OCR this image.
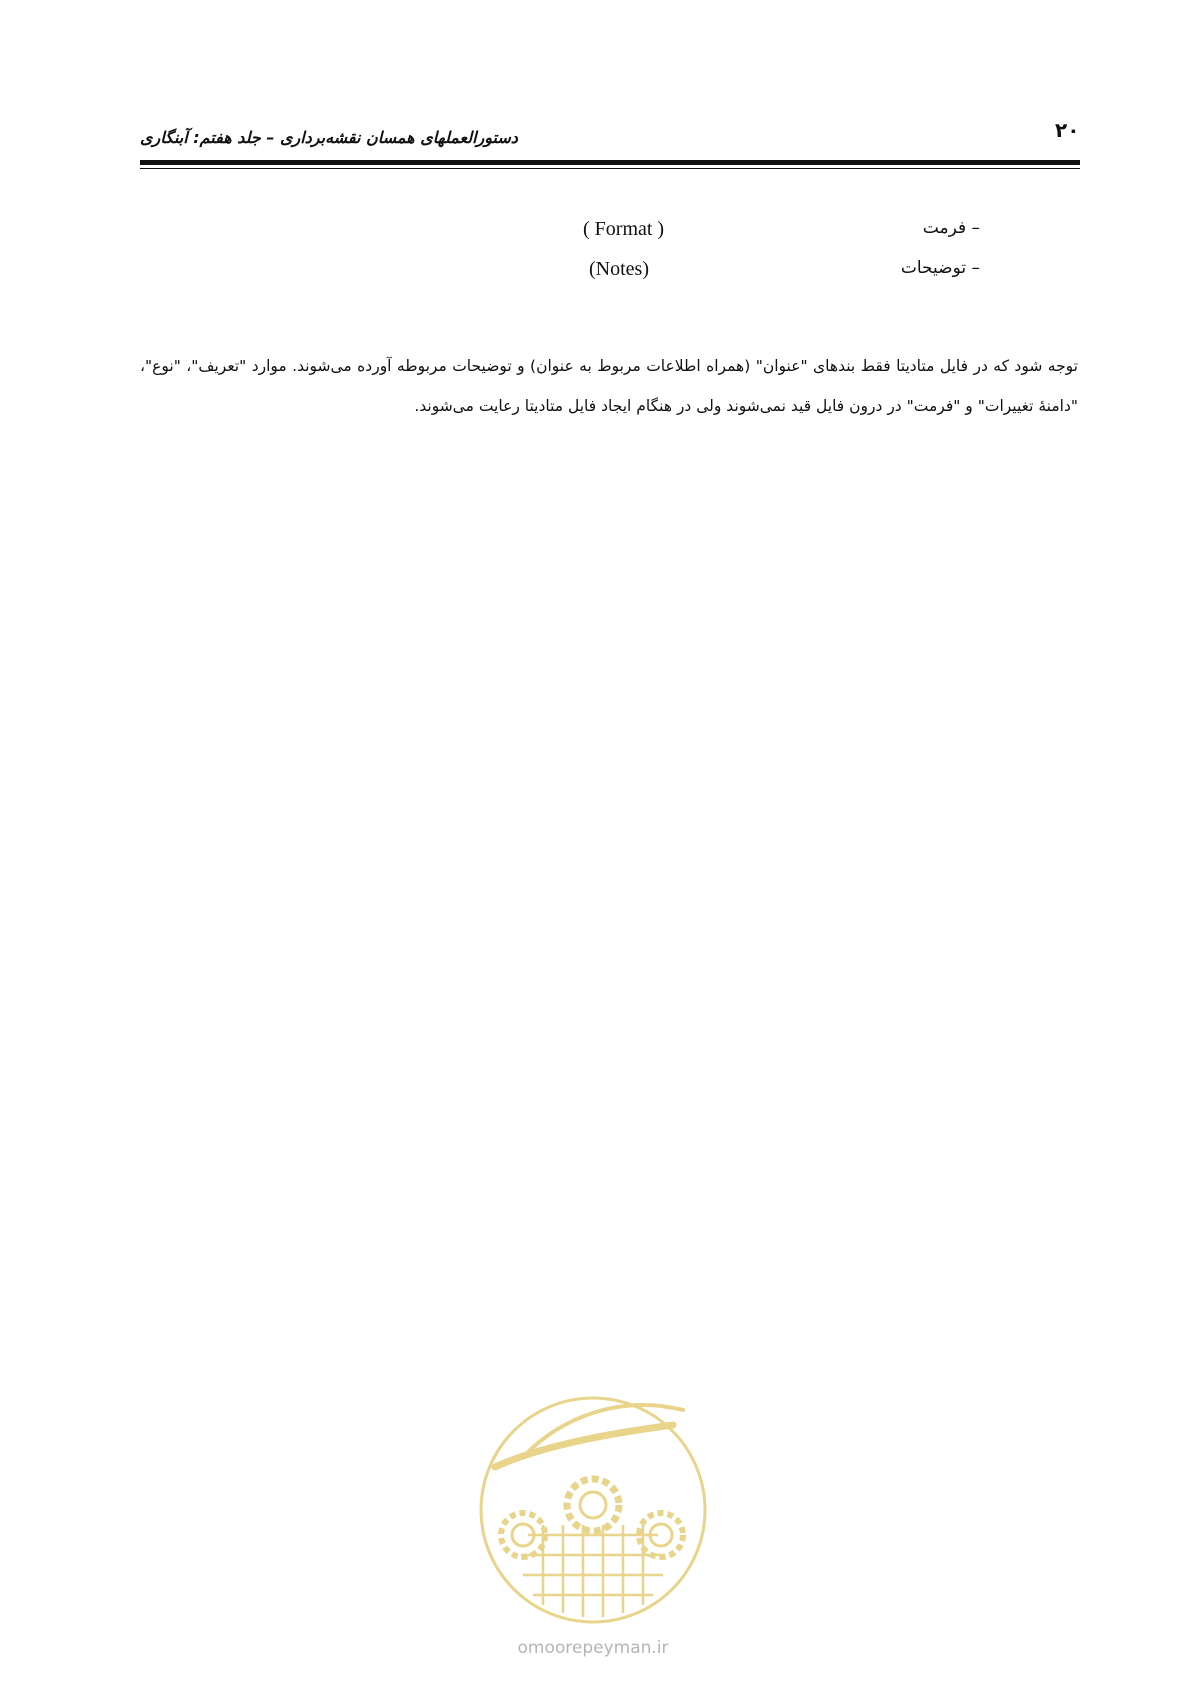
۲۰
دستورالعملهای همسان نقشه‌برداری – جلد هفتم: آبنگاری
– فرمت
( Format )
– توضیحات
(Notes)

توجه شود که در فایل متادیتا فقط بندهای "عنوان" (همراه اطلاعات مربوط به عنوان) و توضیحات مربوطه آورده می‌شوند. موارد "تعریف"، "نوع"، "دامنهٔ تغییرات" و "فرمت" در درون فایل قید نمی‌شوند ولی در هنگام ایجاد فایل متادیتا رعایت می‌شوند.

omoorepeyman.ir
